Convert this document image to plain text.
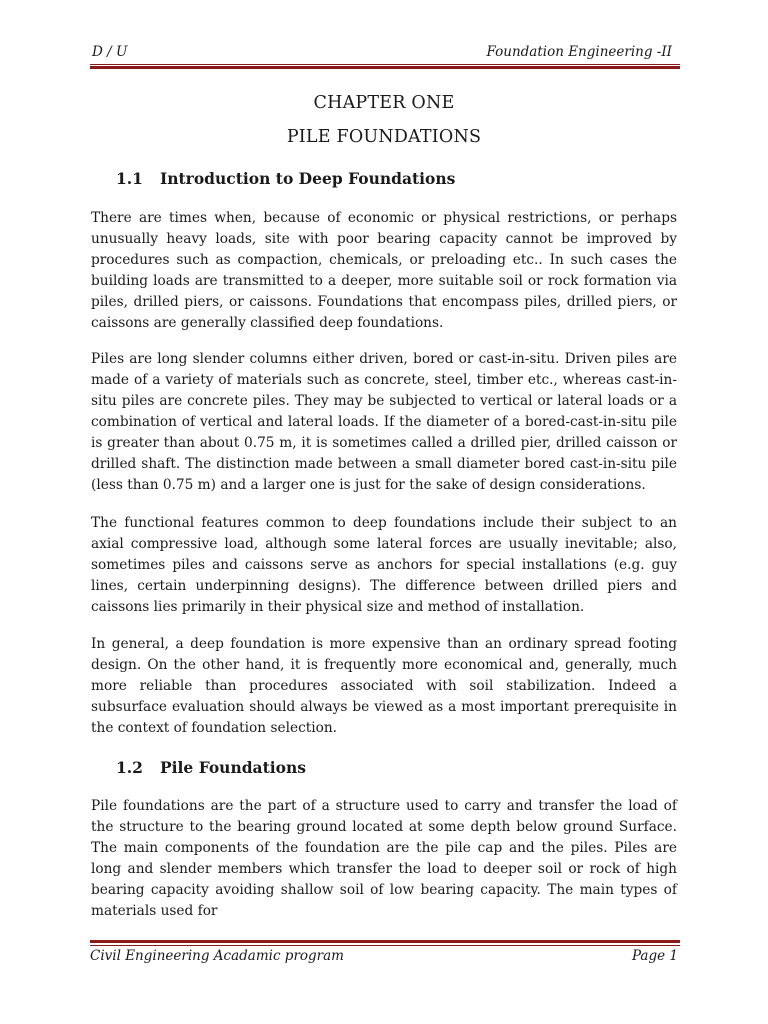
D / U	Foundation Engineering -II
CHAPTER ONE
PILE FOUNDATIONS
1.1 Introduction to Deep Foundations

There are times when, because of economic or physical restrictions, or perhaps unusually heavy loads, site with poor bearing capacity cannot be improved by procedures such as compaction, chemicals, or preloading etc.. In such cases the building loads are transmitted to a deeper, more suitable soil or rock formation via piles, drilled piers, or caissons. Foundations that encompass piles, drilled piers, or caissons are generally classified deep foundations.

Piles are long slender columns either driven, bored or cast-in-situ. Driven piles are made of a variety of materials such as concrete, steel, timber etc., whereas cast-in-situ piles are concrete piles. They may be subjected to vertical or lateral loads or a combination of vertical and lateral loads. If the diameter of a bored-cast-in-situ pile is greater than about 0.75 m, it is sometimes called a drilled pier, drilled caisson or drilled shaft. The distinction made between a small diameter bored cast-in-situ pile (less than 0.75 m) and a larger one is just for the sake of design considerations.

The functional features common to deep foundations include their subject to an axial compressive load, although some lateral forces are usually inevitable; also, sometimes piles and caissons serve as anchors for special installations (e.g. guy lines, certain underpinning designs). The difference between drilled piers and caissons lies primarily in their physical size and method of installation.

In general, a deep foundation is more expensive than an ordinary spread footing design. On the other hand, it is frequently more economical and, generally, much more reliable than procedures associated with soil stabilization. Indeed a subsurface evaluation should always be viewed as a most important prerequisite in the context of foundation selection.

1.2 Pile Foundations

Pile foundations are the part of a structure used to carry and transfer the load of the structure to the bearing ground located at some depth below ground Surface. The main components of the foundation are the pile cap and the piles. Piles are long and slender members which transfer the load to deeper soil or rock of high bearing capacity avoiding shallow soil of low bearing capacity. The main types of materials used for

Civil Engineering Acadamic program	Page 1
